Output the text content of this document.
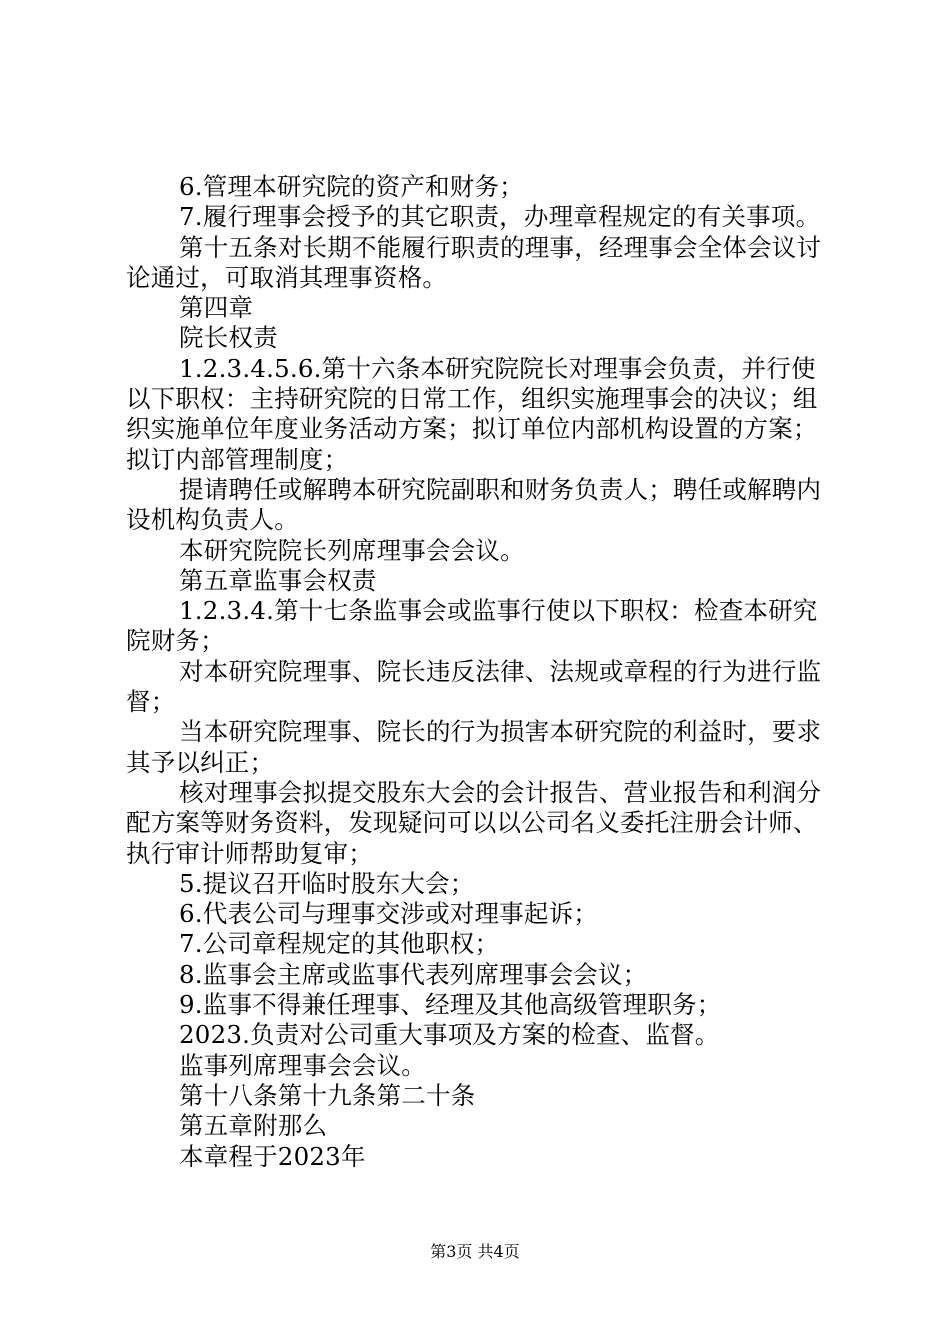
6.管理本研究院的资产和财务；

7.履行理事会授予的其它职责，办理章程规定的有关事项。

第十五条对长期不能履行职责的理事，经理事会全体会议讨论通过，可取消其理事资格。

第四章

院长权责

1.2.3.4.5.6.第十六条本研究院院长对理事会负责，并行使以下职权：主持研究院的日常工作，组织实施理事会的决议；组织实施单位年度业务活动方案；拟订单位内部机构设置的方案；拟订内部管理制度；

提请聘任或解聘本研究院副职和财务负责人；聘任或解聘内设机构负责人。

本研究院院长列席理事会会议。

第五章监事会权责

1.2.3.4.第十七条监事会或监事行使以下职权：检查本研究院财务；

对本研究院理事、院长违反法律、法规或章程的行为进行监督；

当本研究院理事、院长的行为损害本研究院的利益时，要求其予以纠正；

核对理事会拟提交股东大会的会计报告、营业报告和利润分配方案等财务资料，发现疑问可以以公司名义委托注册会计师、执行审计师帮助复审；

5.提议召开临时股东大会；

6.代表公司与理事交涉或对理事起诉；

7.公司章程规定的其他职权；

8.监事会主席或监事代表列席理事会会议；

9.监事不得兼任理事、经理及其他高级管理职务；

2023.负责对公司重大事项及方案的检查、监督。

监事列席理事会会议。

第十八条第十九条第二十条

第五章附那么

本章程于2023年

第3页 共4页
